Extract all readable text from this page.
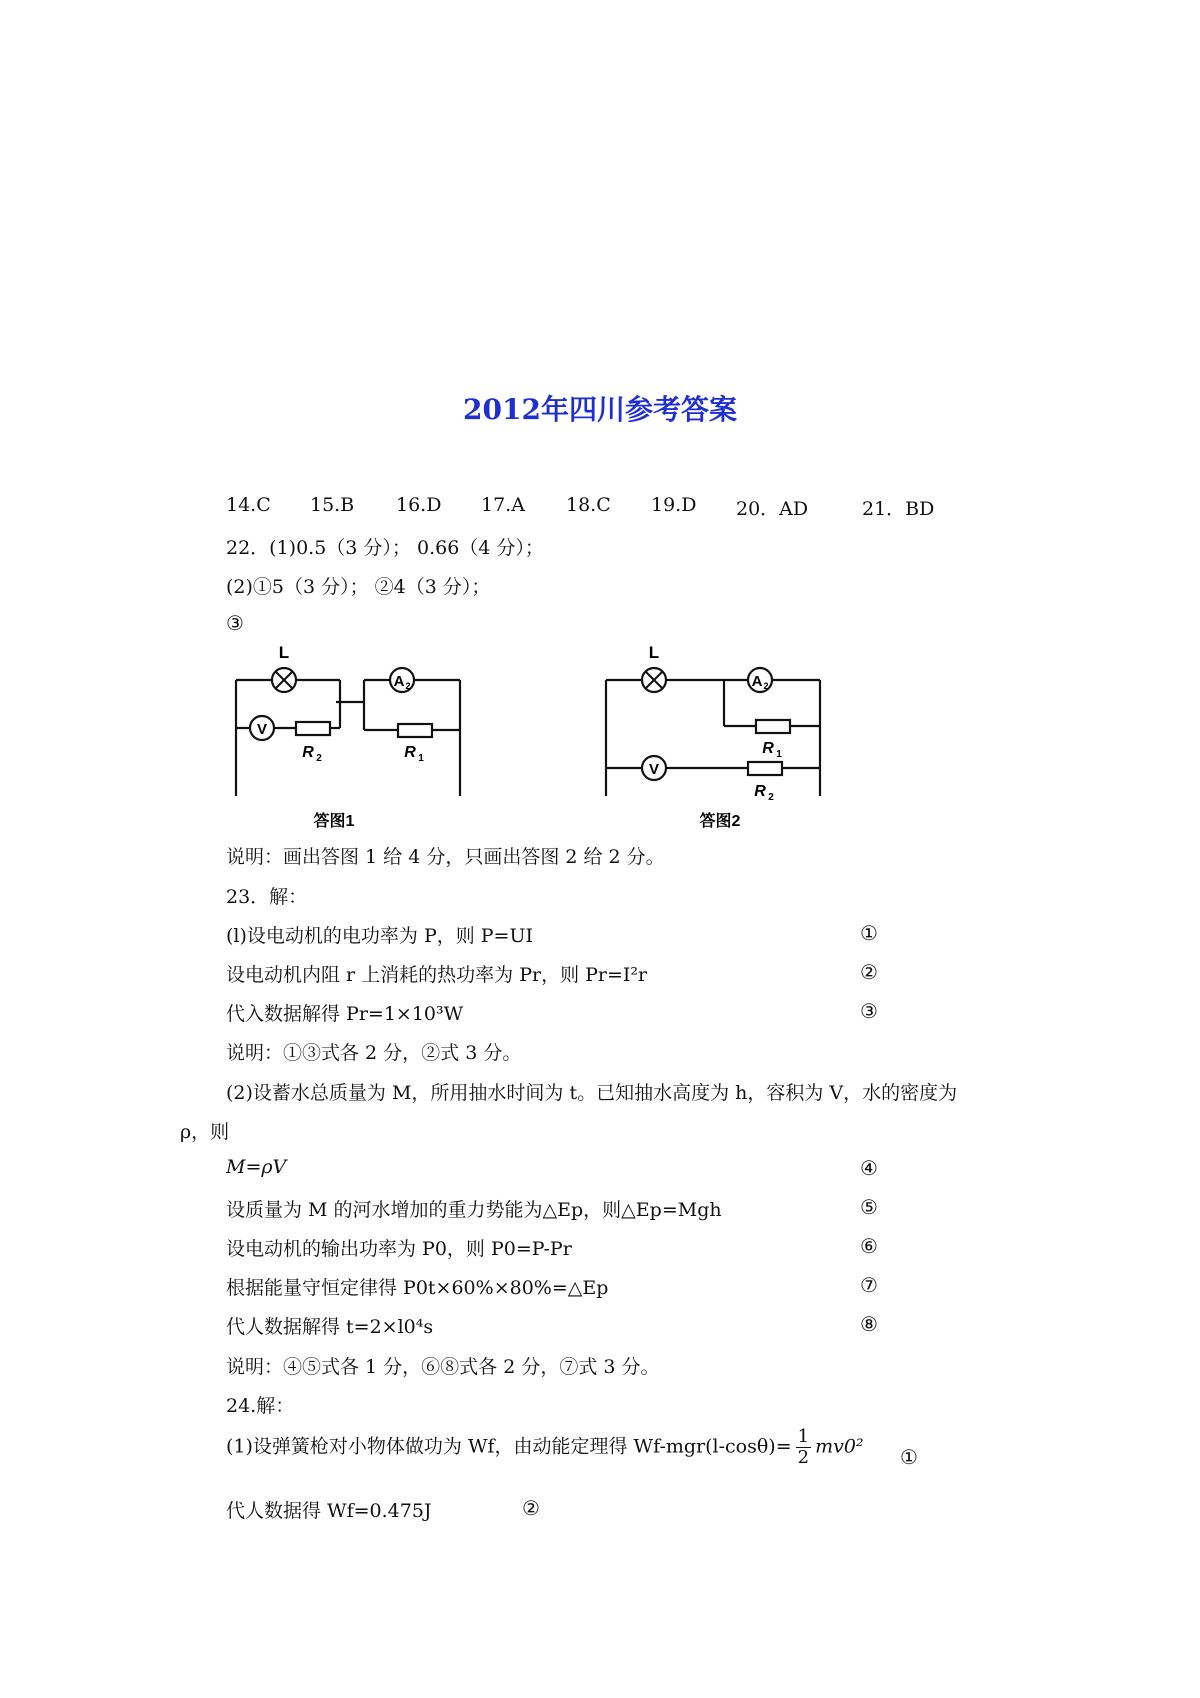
2012年四川参考答案
14.C 15.B 16.D 17.A 18.C 19.D 20．AD	21．BD
22．(1)0.5（3 分）； 0.66（4 分）；
(2)①5（3 分）； ②4（3 分）；
③
L
A 2
V
R 2	R 1
答图1
L
A 2
R 1
V
R 2
答图2
说明：画出答图 1 给 4 分，只画出答图 2 给 2 分。
23．解：
(l)设电动机的电功率为 P，则 P=UI	①
设电动机内阻 r 上消耗的热功率为 Pr，则 Pr=I²r	②
代入数据解得 Pr=1×10³W	③
说明：①③式各 2 分，②式 3 分。
(2)设蓄水总质量为 M，所用抽水时间为 t。已知抽水高度为 h，容积为 V，水的密度为
ρ，则
M=ρV	④
设质量为 M 的河水增加的重力势能为△Ep，则△Ep=Mgh	⑤
设电动机的输出功率为 P0，则 P0=P-Pr	⑥
根据能量守恒定律得 P0t×60%×80%=△Ep	⑦
代人数据解得 t=2×l0⁴s	⑧
说明：④⑤式各 1 分，⑥⑧式各 2 分，⑦式 3 分。
24.解：
(1)设弹簧枪对小物体做功为 Wf，由动能定理得 $Wf-mgr(l-\cos\theta)= \frac{1}{2} mv0^2$ ①
代人数据得 Wf=0.475J	②
